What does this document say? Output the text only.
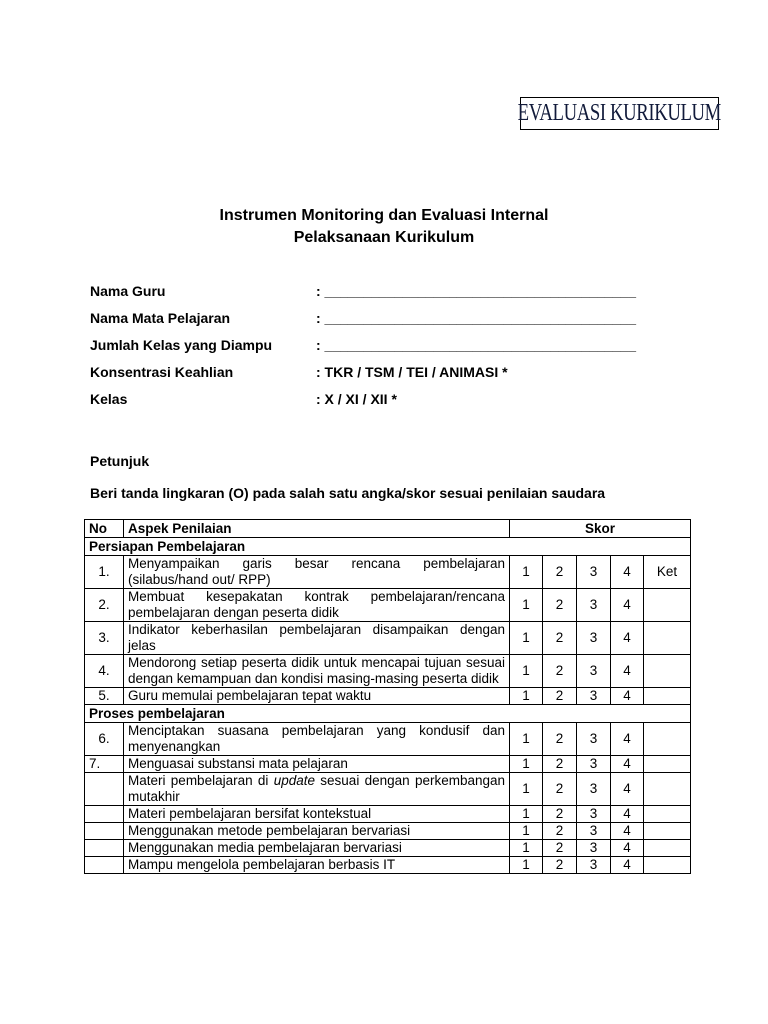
EVALUASI KURIKULUM
Instrumen Monitoring dan Evaluasi Internal
Pelaksanaan Kurikulum
Nama Guru	: ________________________________________
Nama Mata Pelajaran	: ________________________________________
Jumlah Kelas yang Diampu	: ________________________________________
Konsentrasi Keahlian	: TKR / TSM / TEI / ANIMASI *
Kelas	: X / XI / XII *
Petunjuk
Beri tanda lingkaran (O) pada salah satu angka/skor sesuai penilaian saudara
No	Aspek Penilaian	Skor				
Persiapan Pembelajaran						
1.	Menyampaikan garis besar rencana pembelajaran (silabus/hand out/ RPP)	1	2	3	4	Ket
2.	Membuat kesepakatan kontrak pembelajaran/rencana pembelajaran dengan peserta didik	1	2	3	4	
3.	Indikator keberhasilan pembelajaran disampaikan dengan jelas	1	2	3	4	
4.	Mendorong setiap peserta didik untuk mencapai tujuan sesuai dengan kemampuan dan kondisi masing-masing peserta didik	1	2	3	4	
5.	Guru memulai pembelajaran tepat waktu	1	2	3	4	
Proses pembelajaran						
6.	Menciptakan suasana pembelajaran yang kondusif dan menyenangkan	1	2	3	4	
7.	Menguasai substansi mata pelajaran	1	2	3	4	
	Materi pembelajaran di update sesuai dengan perkembangan mutakhir	1	2	3	4	
	Materi pembelajaran bersifat kontekstual	1	2	3	4	
	Menggunakan metode pembelajaran bervariasi	1	2	3	4	
	Menggunakan media pembelajaran bervariasi	1	2	3	4	
	Mampu mengelola pembelajaran berbasis IT	1	2	3	4	
